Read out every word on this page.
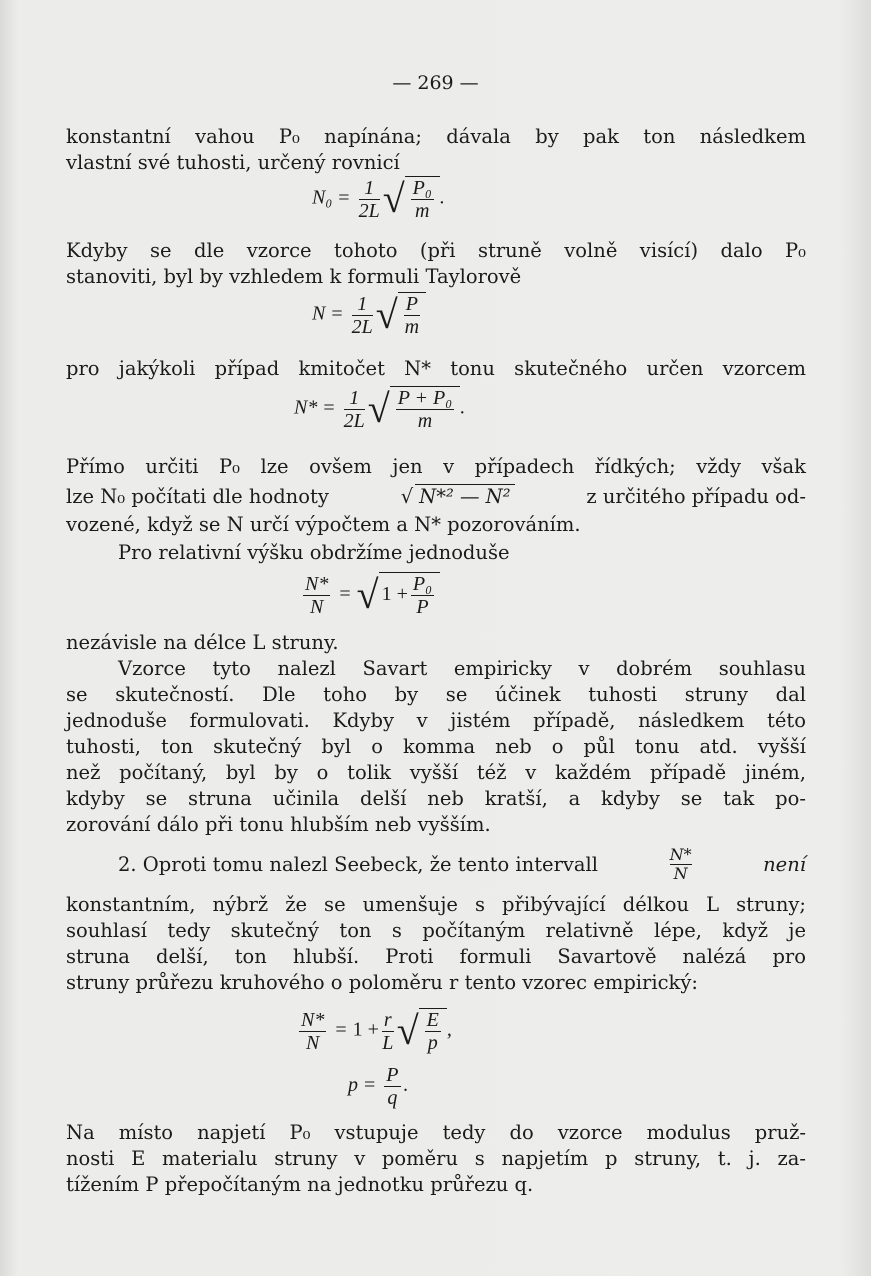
— 269 —
konstantní vahou P₀ napínána; dávala by pak ton následkem
vlastní své tuhosti, určený rovnicí
$N_0 = \frac{1}{2L}$ √ $\frac{\text{P₀}}{m}$ .
Kdyby se dle vzorce tohoto (při struně volně visící) dalo P₀
stanoviti, byl by vzhledem k formuli Taylorově
$N = \frac{1}{2L}$ √ $\frac{P}{m}$
pro jakýkoli případ kmitočet N* tonu skutečného určen vzorcem
$N* = \frac{1}{2L}$ √ $\frac{\text{P + P₀}}{m}$ .
Přímo určiti P₀ lze ovšem jen v případech řídkých; vždy však
lze N₀ počítati dle hodnoty	√ N*² — N²	z určitého případu od-
vozené, když se N určí výpočtem a N* pozorováním.
Pro relativní výšku obdržíme jednoduše
$\frac{N*}{N}$ = √ $1 + \frac{\text{P₀}}{P}$
nezávisle na délce L struny.
Vzorce tyto nalezl Savart empiricky v dobrém souhlasu
se skutečností. Dle toho by se účinek tuhosti struny dal
jednoduše formulovati. Kdyby v jistém případě, následkem této
tuhosti, ton skutečný byl o komma neb o půl tonu atd. vyšší
než počítaný, byl by o tolik vyšší též v každém případě jiném,
kdyby se struna učinila delší neb kratší, a kdyby se tak po-
zorování dálo při tonu hlubším neb vyšším.
2. Oproti tomu nalezl Seebeck, že tento intervall	$\frac{N*}{N}$	není
konstantním, nýbrž že se umenšuje s přibývající délkou L struny;
souhlasí tedy skutečný ton s počítaným relativně lépe, když je
struna delší, ton hlubší. Proti formuli Savartově nalézá pro
struny průřezu kruhového o poloměru r tento vzorec empirický:
$\frac{N*}{N} = 1 + \frac{r}{L}$ √ $\frac{E}{p}$ ,
$p = \frac{P}{q}$ .
Na místo napjetí P₀ vstupuje tedy do vzorce modulus pruž-
nosti E materialu struny v poměru s napjetím p struny, t. j. za-
tížením P přepočítaným na jednotku průřezu q.
